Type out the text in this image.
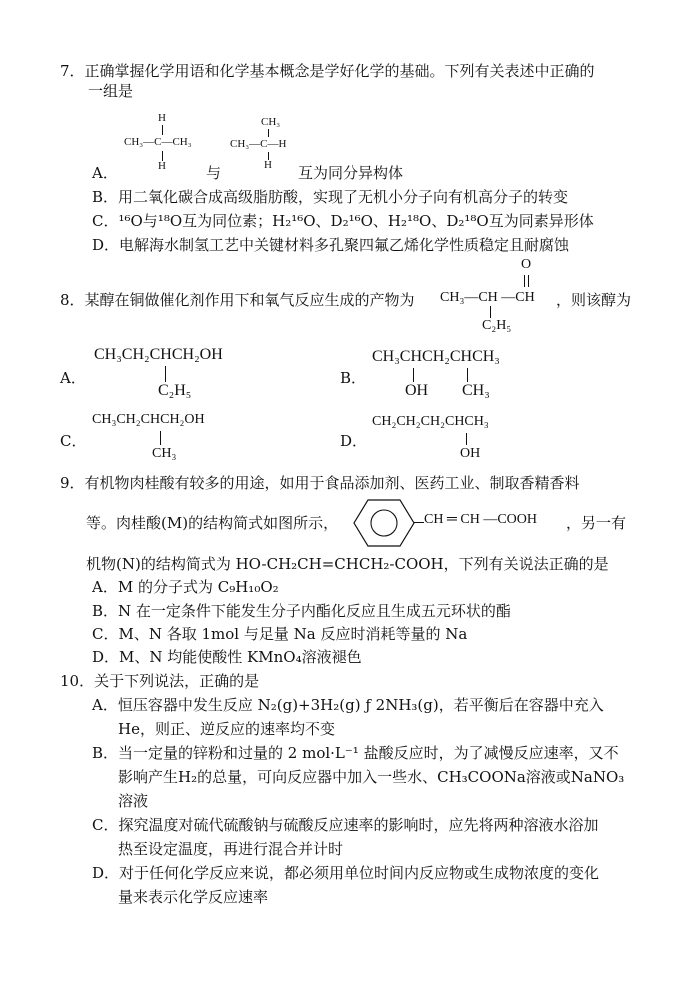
7．正确掌握化学用语和化学基本概念是学好化学的基础。下列有关表述中正确的
一组是
H
CH₃—C—CH₃
H
CH₃
CH₃—C—H
H
A．	与	互为同分异构体
B．用二氧化碳合成高级脂肪酸，实现了无机小分子向有机高分子的转变
C．¹⁶O与¹⁸O互为同位素；H₂¹⁶O、D₂¹⁶O、H₂¹⁸O、D₂¹⁸O互为同素异形体
D．电解海水制氢工艺中关键材料多孔聚四氟乙烯化学性质稳定且耐腐蚀
8．某醇在铜做催化剂作用下和氧气反应生成的产物为
O
CH₃—CH —CH
C₂H₅
，则该醇为
A．
CH₃CH₂CHCH₂OH
C₂H₅
B．
CH₃CHCH₂CHCH₃
OH CH₃
C．
CH₃CH₂CHCH₂OH
CH₃
D．
CH₂CH₂CH₂CHCH₃
OH
9．有机物肉桂酸有较多的用途，如用于食品添加剂、医药工业、制取香精香料
等。肉桂酸(M)的结构简式如图所示，	CH ═ CH —COOH ，另一有
机物(N)的结构简式为 HO-CH₂CH=CHCH₂-COOH，下列有关说法正确的是
A．M 的分子式为 C₉H₁₀O₂
B．N 在一定条件下能发生分子内酯化反应且生成五元环状的酯
C．M、N 各取 1mol 与足量 Na 反应时消耗等量的 Na
D．M、N 均能使酸性 KMnO₄溶液褪色
10．关于下列说法，正确的是
A．恒压容器中发生反应 N₂(g)+3H₂(g) ƒ 2NH₃(g)，若平衡后在容器中充入
He，则正、逆反应的速率均不变
B．当一定量的锌粉和过量的 2 mol·L⁻¹ 盐酸反应时，为了减慢反应速率，又不
影响产生H₂的总量，可向反应器中加入一些水、CH₃COONa溶液或NaNO₃
溶液
C．探究温度对硫代硫酸钠与硫酸反应速率的影响时，应先将两种溶液水浴加
热至设定温度，再进行混合并计时
D．对于任何化学反应来说，都必须用单位时间内反应物或生成物浓度的变化
量来表示化学反应速率
